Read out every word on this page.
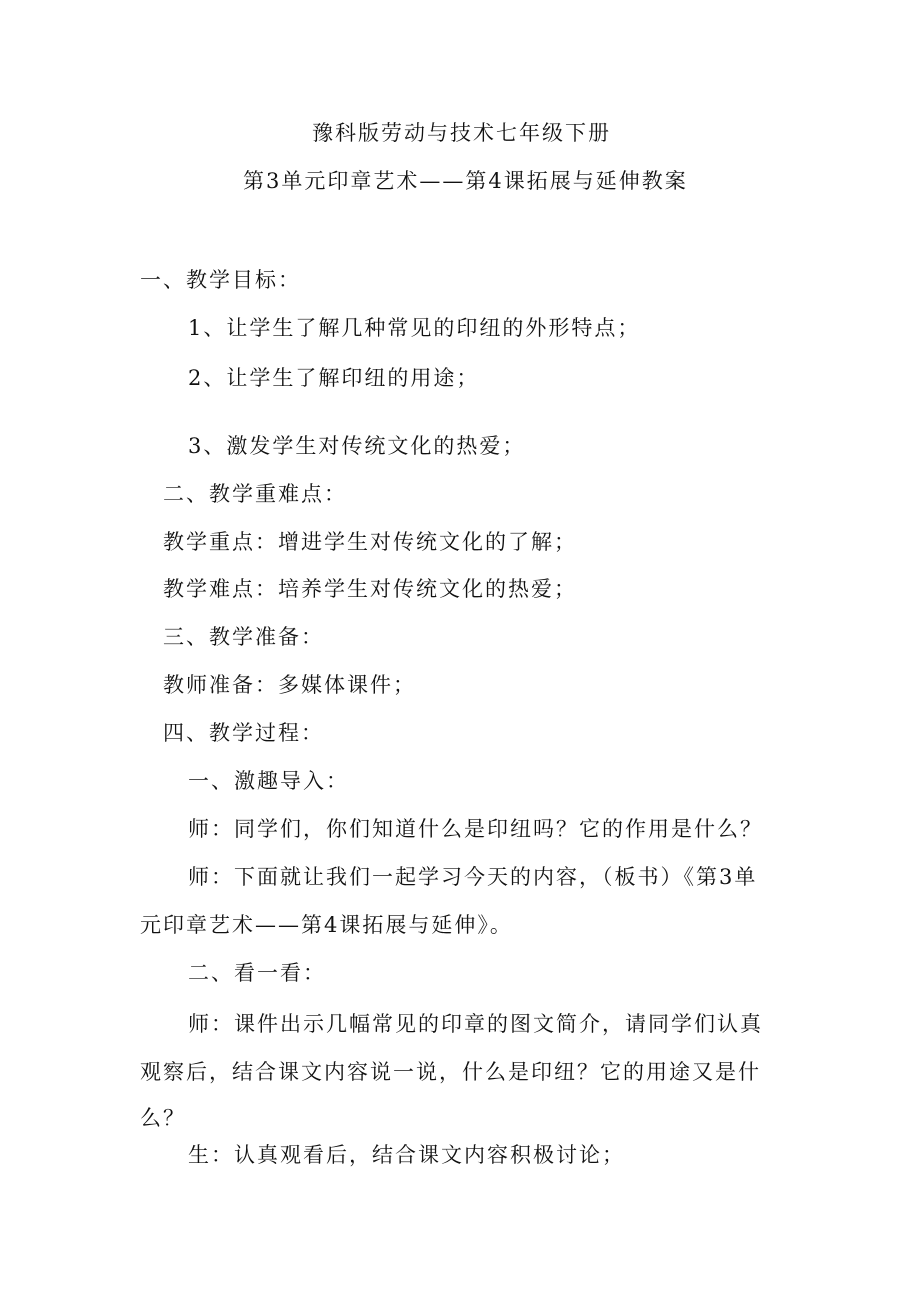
豫科版劳动与技术七年级下册
第3单元印章艺术——第4课拓展与延伸教案
一、教学目标：
1、让学生了解几种常见的印纽的外形特点；
2、让学生了解印纽的用途；
3、激发学生对传统文化的热爱；
二、教学重难点：
教学重点：增进学生对传统文化的了解；
教学难点：培养学生对传统文化的热爱；
三、教学准备：
教师准备：多媒体课件；
四、教学过程：
一、激趣导入：
师：同学们，你们知道什么是印纽吗？它的作用是什么？
师：下面就让我们一起学习今天的内容，（板书）《第3单
元印章艺术——第4课拓展与延伸》。
二、看一看：
师：课件出示几幅常见的印章的图文简介，请同学们认真
观察后，结合课文内容说一说，什么是印纽？它的用途又是什
么？
生：认真观看后，结合课文内容积极讨论；
